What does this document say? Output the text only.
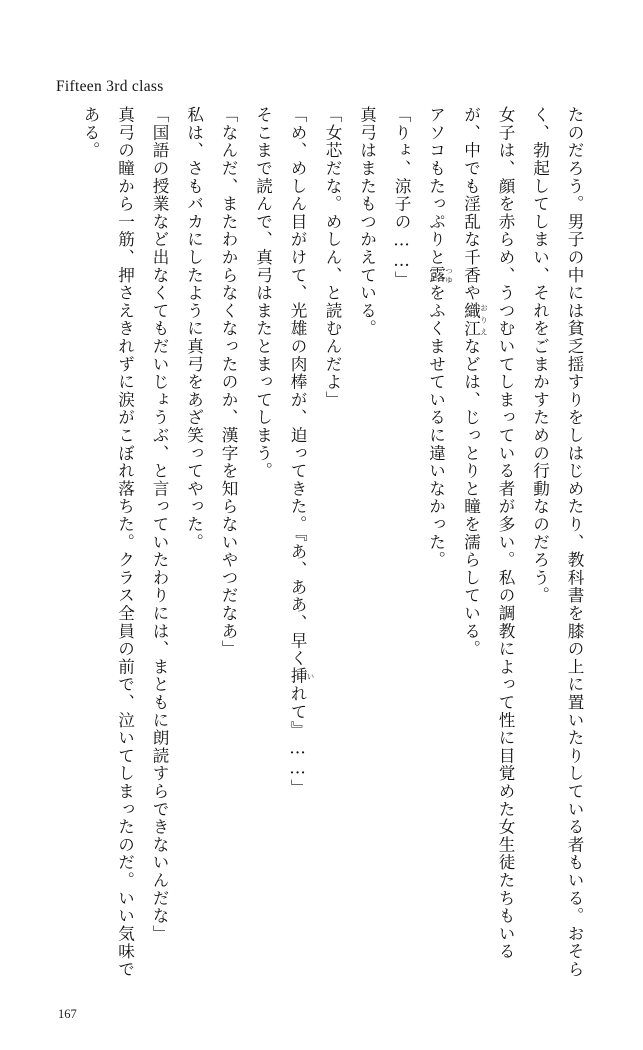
Fifteen 3rd class

たのだろう。男子の中には貧乏揺すりをしはじめたり、教科書を膝の上に置いたりしている者もいる。おそらく、勃起してしまい、それをごまかすための行動なのだろう。

女子は、顔を赤らめ、うつむいてしまっている者が多い。私の調教によって性に目覚めた女生徒たちもいるが、中でも淫乱な千香や織江 おりえなどは、じっとりと瞳を濡らしている。

アソコもたっぷりと露 つゆをふくませているに違いなかった。

「りょ、涼子の……」

真弓はまたもつかえている。

「女芯だな。めしん、と読むんだよ」

「め、めしん目がけて、光雄の肉棒が、迫ってきた。『あ、ああ、早く挿 いれて』……」

そこまで読んで、真弓はまたとまってしまう。

「なんだ、またわからなくなったのか、漢字を知らないやつだなあ」

私は、さもバカにしたように真弓をあざ笑ってやった。

「国語の授業など出なくてもだいじょうぶ、と言っていたわりには、まともに朗読すらできないんだな」

真弓の瞳から一筋、押さえきれずに涙がこぼれ落ちた。クラス全員の前で、泣いてしまったのだ。いい気味である。

167
